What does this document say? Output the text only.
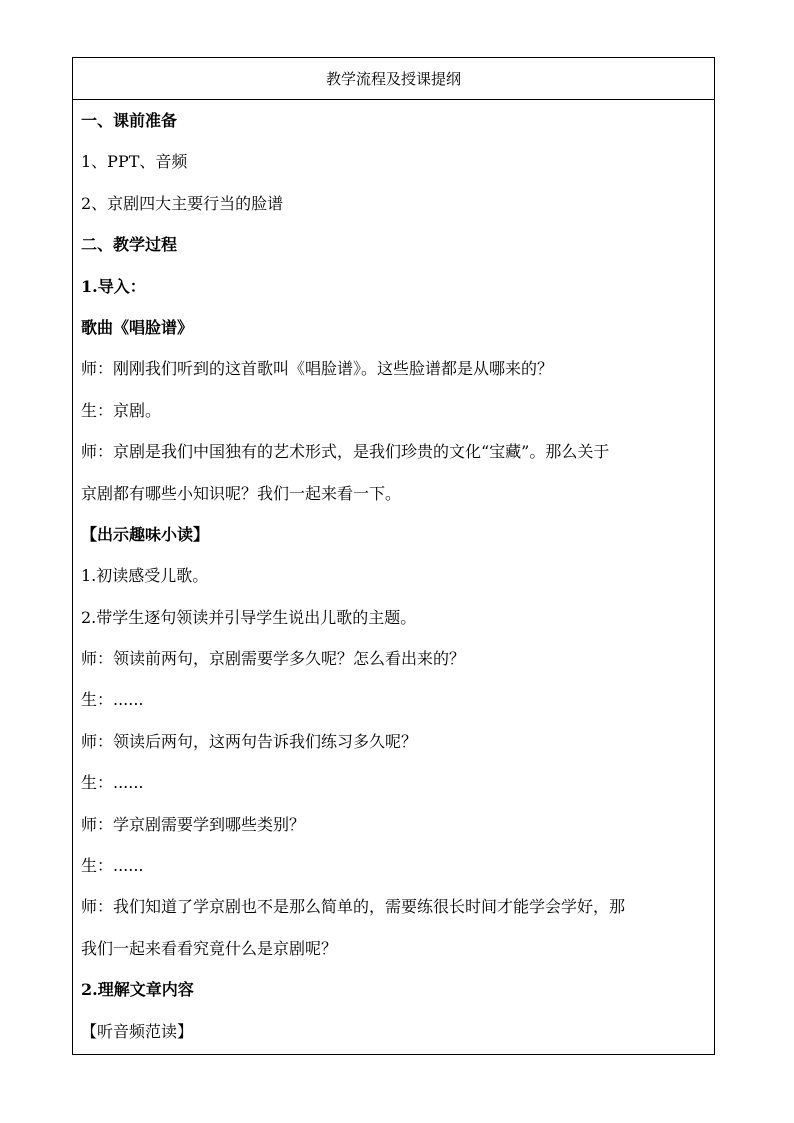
教学流程及授课提纲
一、课前准备
1、PPT、音频
2、京剧四大主要行当的脸谱
二、教学过程
1.导入：
歌曲《唱脸谱》
师：刚刚我们听到的这首歌叫《唱脸谱》。这些脸谱都是从哪来的？
生：京剧。
师：京剧是我们中国独有的艺术形式，是我们珍贵的文化“宝藏”。那么关于
京剧都有哪些小知识呢？我们一起来看一下。
【出示趣味小读】
1.初读感受儿歌。
2.带学生逐句领读并引导学生说出儿歌的主题。
师：领读前两句，京剧需要学多久呢？怎么看出来的？
生：......
师：领读后两句，这两句告诉我们练习多久呢？
生：......
师：学京剧需要学到哪些类别？
生：......
师：我们知道了学京剧也不是那么简单的，需要练很长时间才能学会学好，那
我们一起来看看究竟什么是京剧呢？
2.理解文章内容
【听音频范读】
